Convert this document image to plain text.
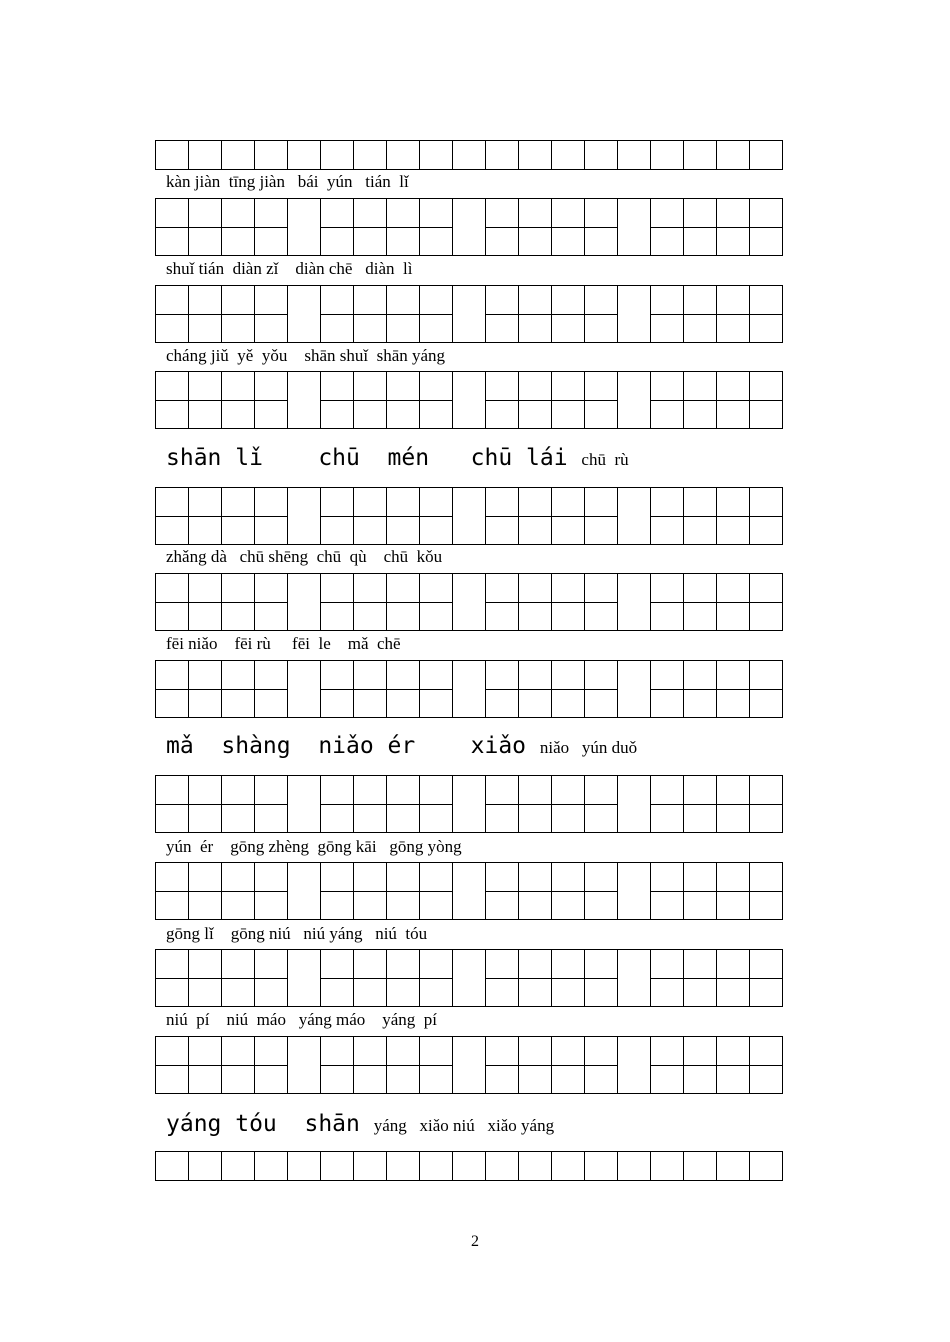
kàn jiàn  tīng jiàn   bái  yún   tián  lǐ
shuǐ tián  diàn zǐ    diàn chē   diàn  lì
cháng jiǔ  yě  yǒu    shān shuǐ  shān yáng
shān lǐ    chū  mén   chū lái chū  rù
zhǎng dà   chū shēng  chū  qù    chū  kǒu
fēi niǎo    fēi rù     fēi  le    mǎ  chē
mǎ  shàng  niǎo ér    xiǎo niǎo   yún duǒ
yún  ér    gōng zhèng  gōng kāi   gōng yòng
gōng lǐ    gōng niú   niú yáng   niú  tóu
niú  pí    niú  máo   yáng máo    yáng  pí
yáng tóu  shān yáng   xiǎo niú   xiǎo yáng
2
